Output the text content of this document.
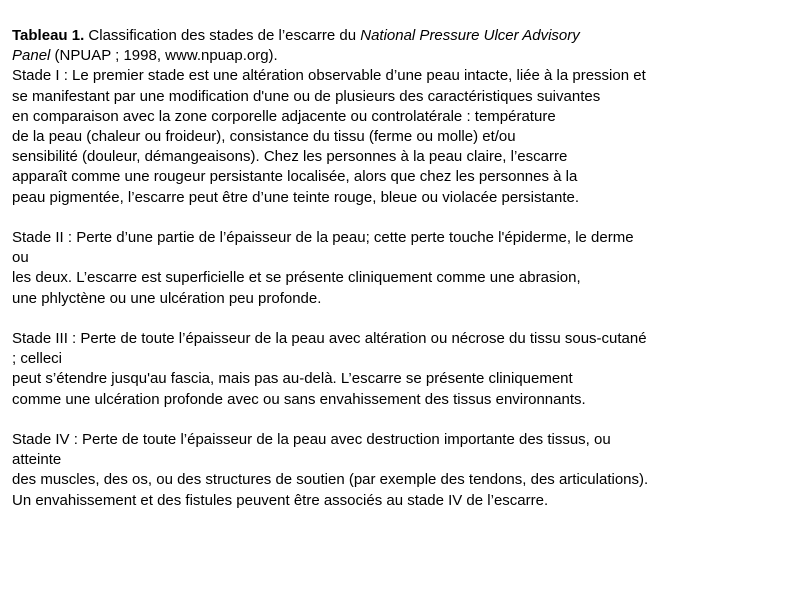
Tableau 1. Classification des stades de l’escarre du National Pressure Ulcer Advisory
Panel (NPUAP ; 1998, www.npuap.org).
Stade I : Le premier stade est une altération observable d’une peau intacte, liée à la pression et
se manifestant par une modification d'une ou de plusieurs des caractéristiques suivantes
en comparaison avec la zone corporelle adjacente ou controlatérale : température
de la peau (chaleur ou froideur), consistance du tissu (ferme ou molle) et/ou
sensibilité (douleur, démangeaisons). Chez les personnes à la peau claire, l’escarre
apparaît comme une rougeur persistante localisée, alors que chez les personnes à la
peau pigmentée, l’escarre peut être d’une teinte rouge, bleue ou violacée persistante.
Stade II : Perte d’une partie de l’épaisseur de la peau; cette perte touche l'épiderme, le derme
ou
les deux. L’escarre est superficielle et se présente cliniquement comme une abrasion,
une phlyctène ou une ulcération peu profonde.
Stade III : Perte de toute l’épaisseur de la peau avec altération ou nécrose du tissu sous-cutané
; celleci
peut s’étendre jusqu'au fascia, mais pas au-delà. L’escarre se présente cliniquement
comme une ulcération profonde avec ou sans envahissement des tissus environnants.
Stade IV : Perte de toute l’épaisseur de la peau avec destruction importante des tissus, ou
atteinte
des muscles, des os, ou des structures de soutien (par exemple des tendons, des articulations).
Un envahissement et des fistules peuvent être associés au stade IV de l’escarre.
